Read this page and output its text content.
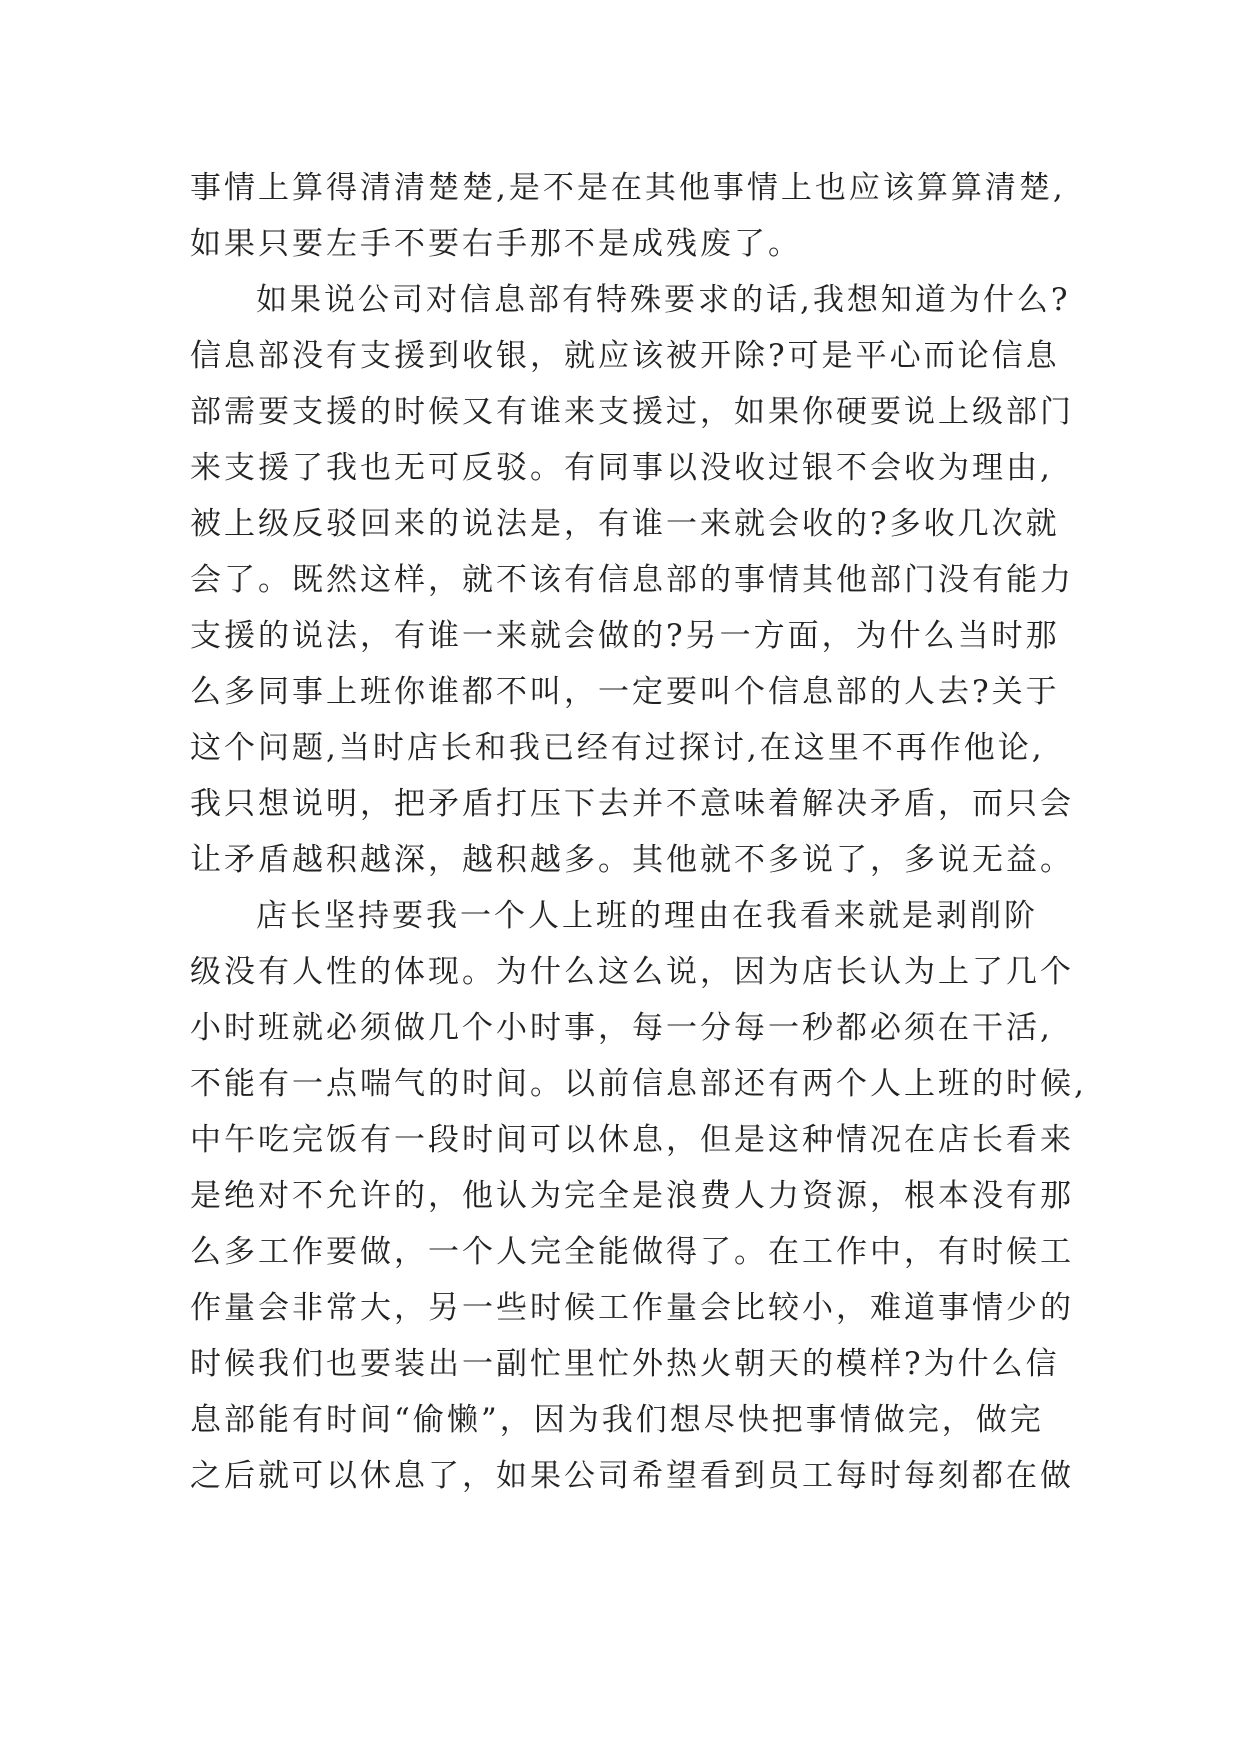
事情上算得清清楚楚,是不是在其他事情上也应该算算清楚,
如果只要左手不要右手那不是成残废了。
如果说公司对信息部有特殊要求的话,我想知道为什么?
信息部没有支援到收银，就应该被开除?可是平心而论信息
部需要支援的时候又有谁来支援过，如果你硬要说上级部门
来支援了我也无可反驳。有同事以没收过银不会收为理由,
被上级反驳回来的说法是，有谁一来就会收的?多收几次就
会了。既然这样，就不该有信息部的事情其他部门没有能力
支援的说法，有谁一来就会做的?另一方面，为什么当时那
么多同事上班你谁都不叫，一定要叫个信息部的人去?关于
这个问题,当时店长和我已经有过探讨,在这里不再作他论,
我只想说明，把矛盾打压下去并不意味着解决矛盾，而只会
让矛盾越积越深，越积越多。其他就不多说了，多说无益。
店长坚持要我一个人上班的理由在我看来就是剥削阶
级没有人性的体现。为什么这么说，因为店长认为上了几个
小时班就必须做几个小时事，每一分每一秒都必须在干活,
不能有一点喘气的时间。以前信息部还有两个人上班的时候,
中午吃完饭有一段时间可以休息，但是这种情况在店长看来
是绝对不允许的，他认为完全是浪费人力资源，根本没有那
么多工作要做，一个人完全能做得了。在工作中，有时候工
作量会非常大，另一些时候工作量会比较小，难道事情少的
时候我们也要装出一副忙里忙外热火朝天的模样?为什么信
息部能有时间“偷懒”，因为我们想尽快把事情做完，做完
之后就可以休息了，如果公司希望看到员工每时每刻都在做
